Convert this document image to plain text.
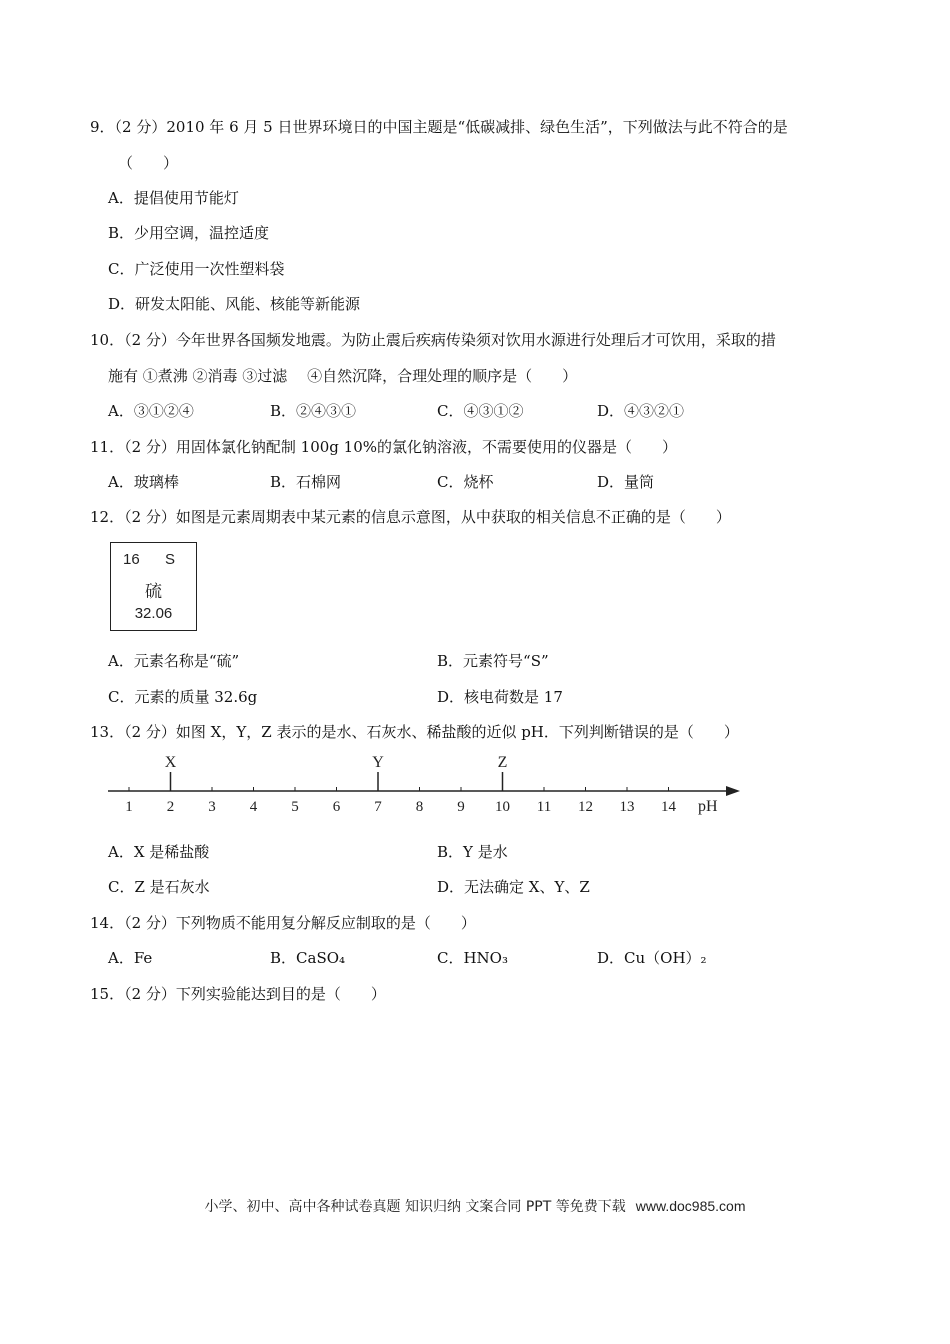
9．（2 分）2010 年 6 月 5 日世界环境日的中国主题是“低碳减排、绿色生活”，下列做法与此不符合的是
（　　）
A．提倡使用节能灯
B．少用空调，温控适度
C．广泛使用一次性塑料袋
D．研发太阳能、风能、核能等新能源
10．（2 分）今年世界各国频发地震。为防止震后疾病传染须对饮用水源进行处理后才可饮用，采取的措
施有 ①煮沸 ②消毒 ③过滤 　④自然沉降，合理处理的顺序是（　　）
A．③①②④	B．②④③①	C．④③①②	D．④③②①
11．（2 分）用固体氯化钠配制 100g 10%的氯化钠溶液，不需要使用的仪器是（　　）
A．玻璃棒	B．石棉网	C．烧杯	D．量筒
12．（2 分）如图是元素周期表中某元素的信息示意图，从中获取的相关信息不正确的是（　　）
16 S
硫
32.06
A．元素名称是“硫”	B．元素符号“S”
C．元素的质量 32.6g	D．核电荷数是 17
13．（2 分）如图 X，Y，Z 表示的是水、石灰水、稀盐酸的近似 pH．下列判断错误的是（　　）
1 2 3 4 5 6 7 8 9 10 11 12 13 14
X	Y	Z
pH
A．X 是稀盐酸	B．Y 是水
C．Z 是石灰水	D．无法确定 X、Y、Z
14．（2 分）下列物质不能用复分解反应制取的是（　　）
A．Fe	B．CaSO₄	C．HNO₃	D．Cu（OH）₂
15．（2 分）下列实验能达到目的是（　　）
小学、初中、高中各种试卷真题 知识归纳 文案合同 PPT 等免费下载 www.doc985.com
